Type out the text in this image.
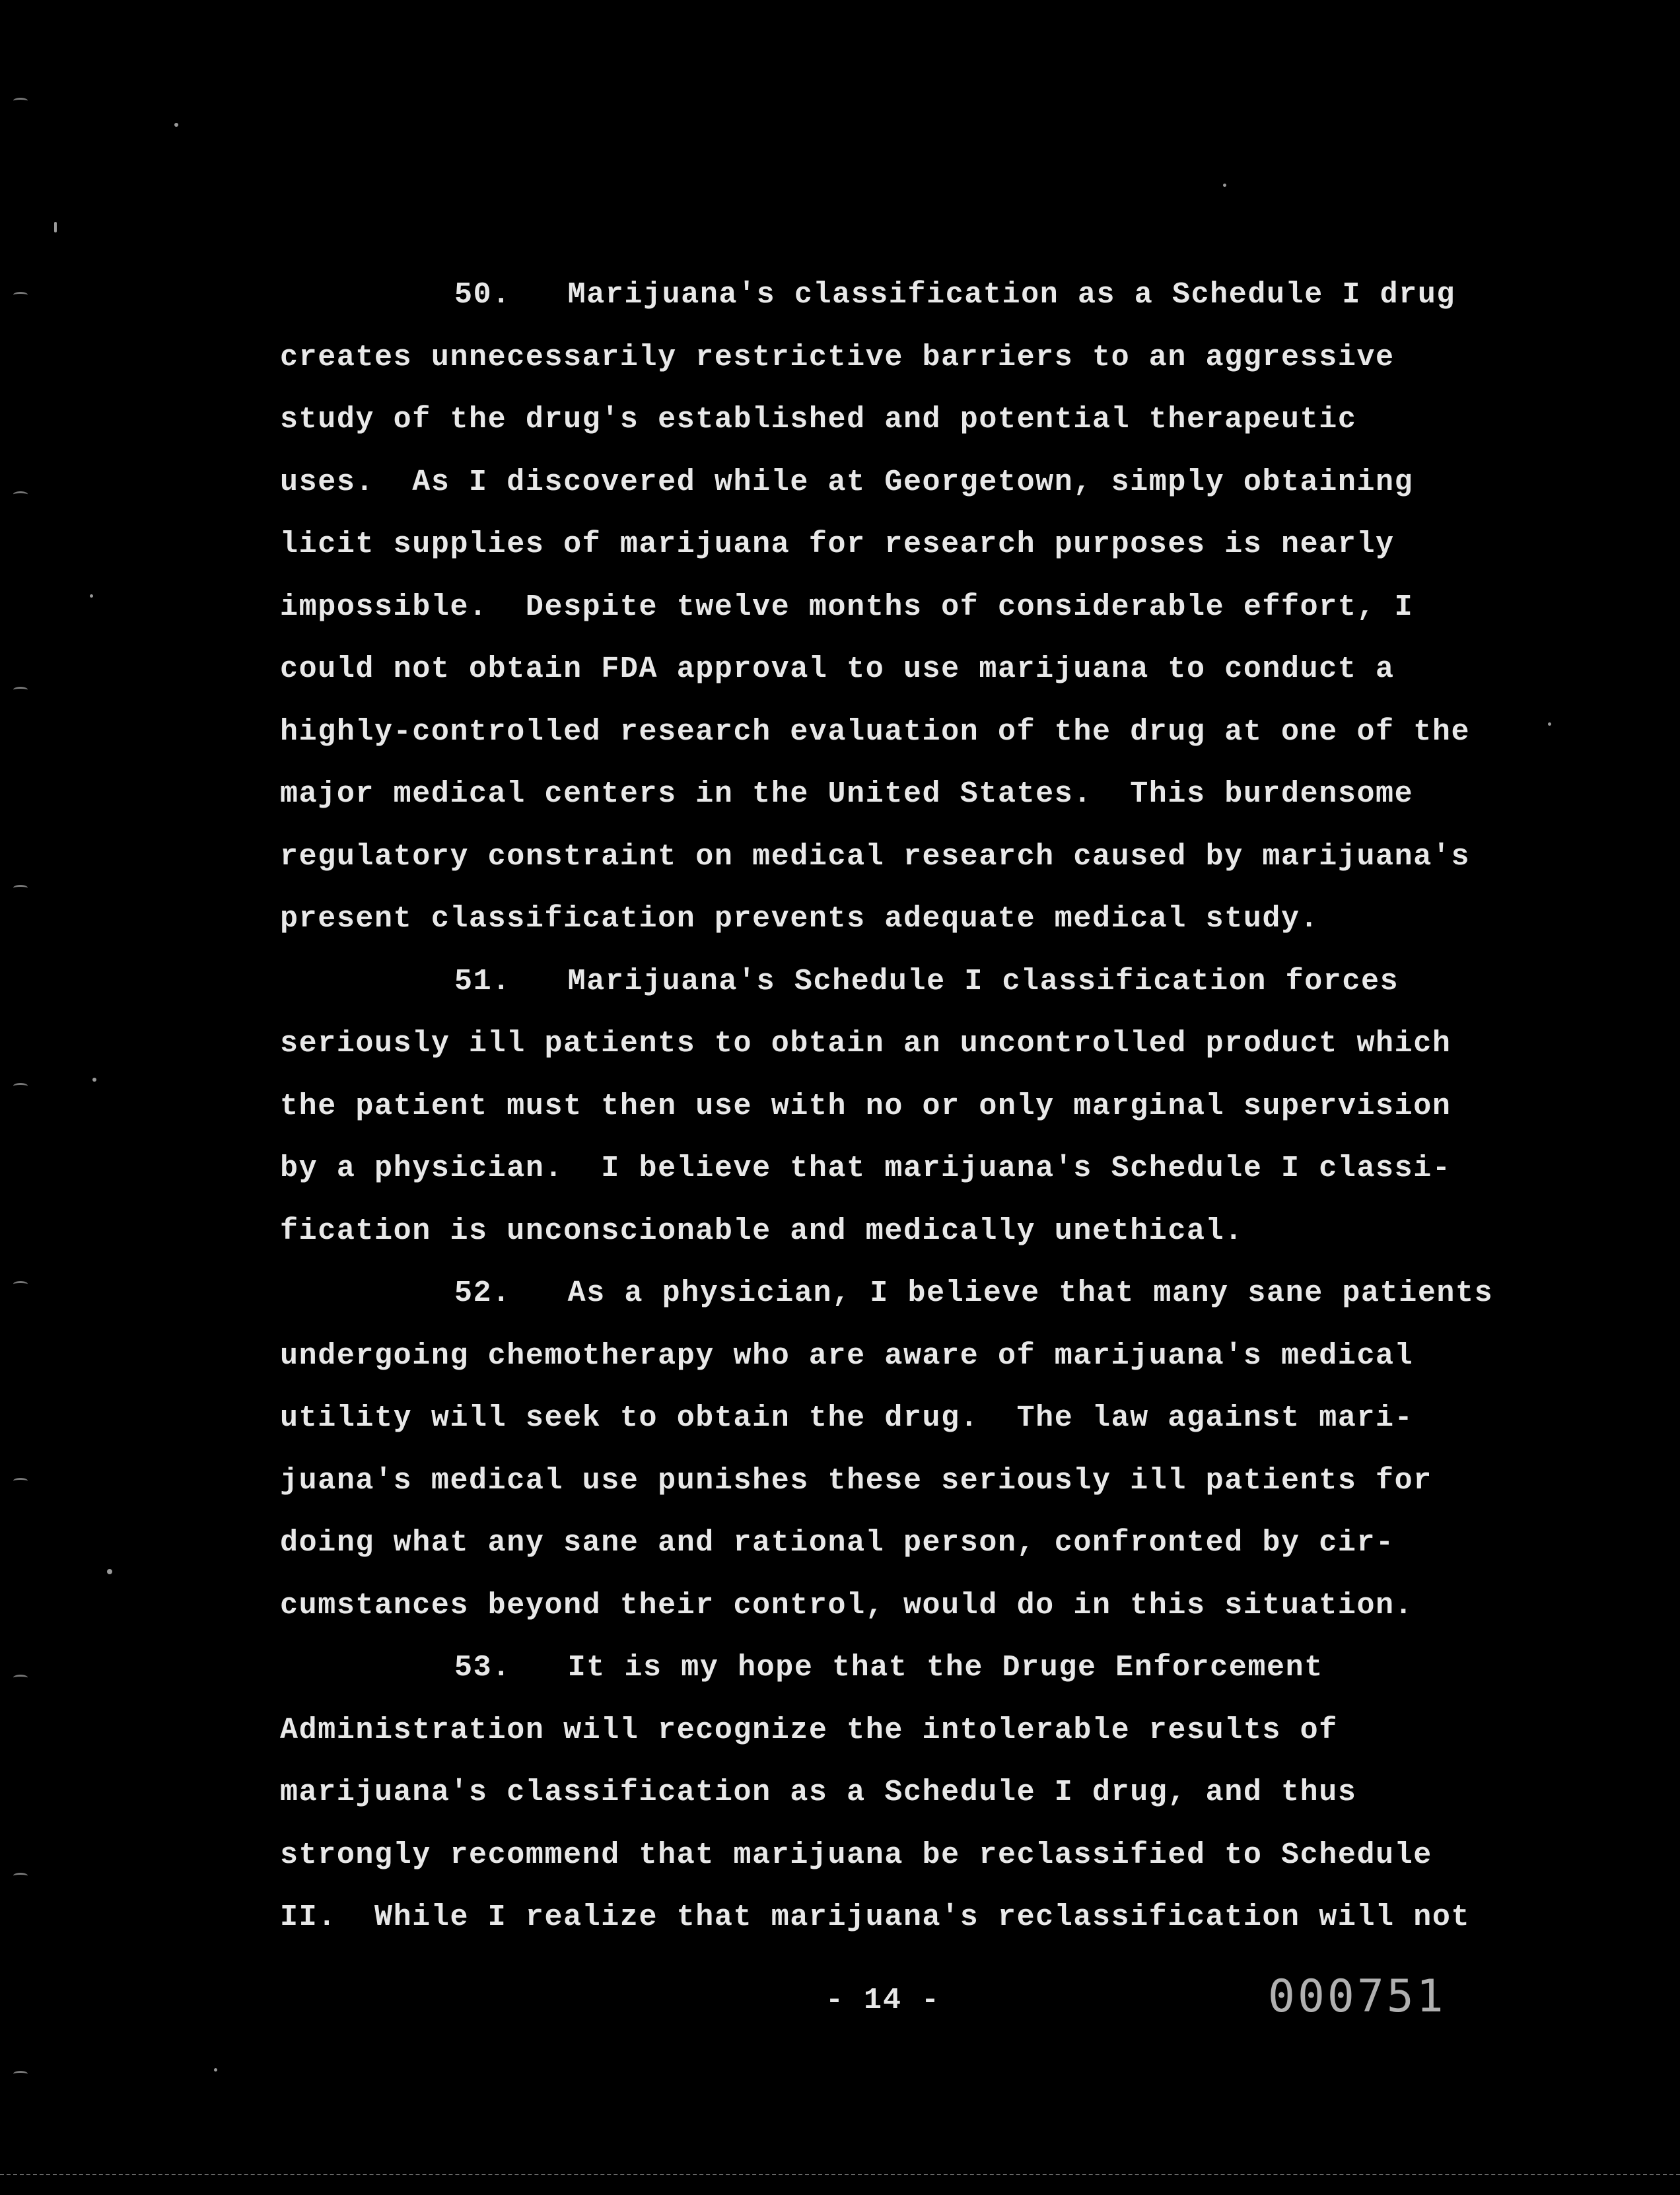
50.   Marijuana's classification as a Schedule I drug
creates unnecessarily restrictive barriers to an aggressive
study of the drug's established and potential therapeutic
uses.  As I discovered while at Georgetown, simply obtaining
licit supplies of marijuana for research purposes is nearly
impossible.  Despite twelve months of considerable effort, I
could not obtain FDA approval to use marijuana to conduct a
highly-controlled research evaluation of the drug at one of the
major medical centers in the United States.  This burdensome
regulatory constraint on medical research caused by marijuana's
present classification prevents adequate medical study.
51.   Marijuana's Schedule I classification forces
seriously ill patients to obtain an uncontrolled product which
the patient must then use with no or only marginal supervision
by a physician.  I believe that marijuana's Schedule I classi-
fication is unconscionable and medically unethical.
52.   As a physician, I believe that many sane patients
undergoing chemotherapy who are aware of marijuana's medical
utility will seek to obtain the drug.  The law against mari-
juana's medical use punishes these seriously ill patients for
doing what any sane and rational person, confronted by cir-
cumstances beyond their control, would do in this situation.
53.   It is my hope that the Druge Enforcement
Administration will recognize the intolerable results of
marijuana's classification as a Schedule I drug, and thus
strongly recommend that marijuana be reclassified to Schedule
II.  While I realize that marijuana's reclassification will not
- 14 -	000751
